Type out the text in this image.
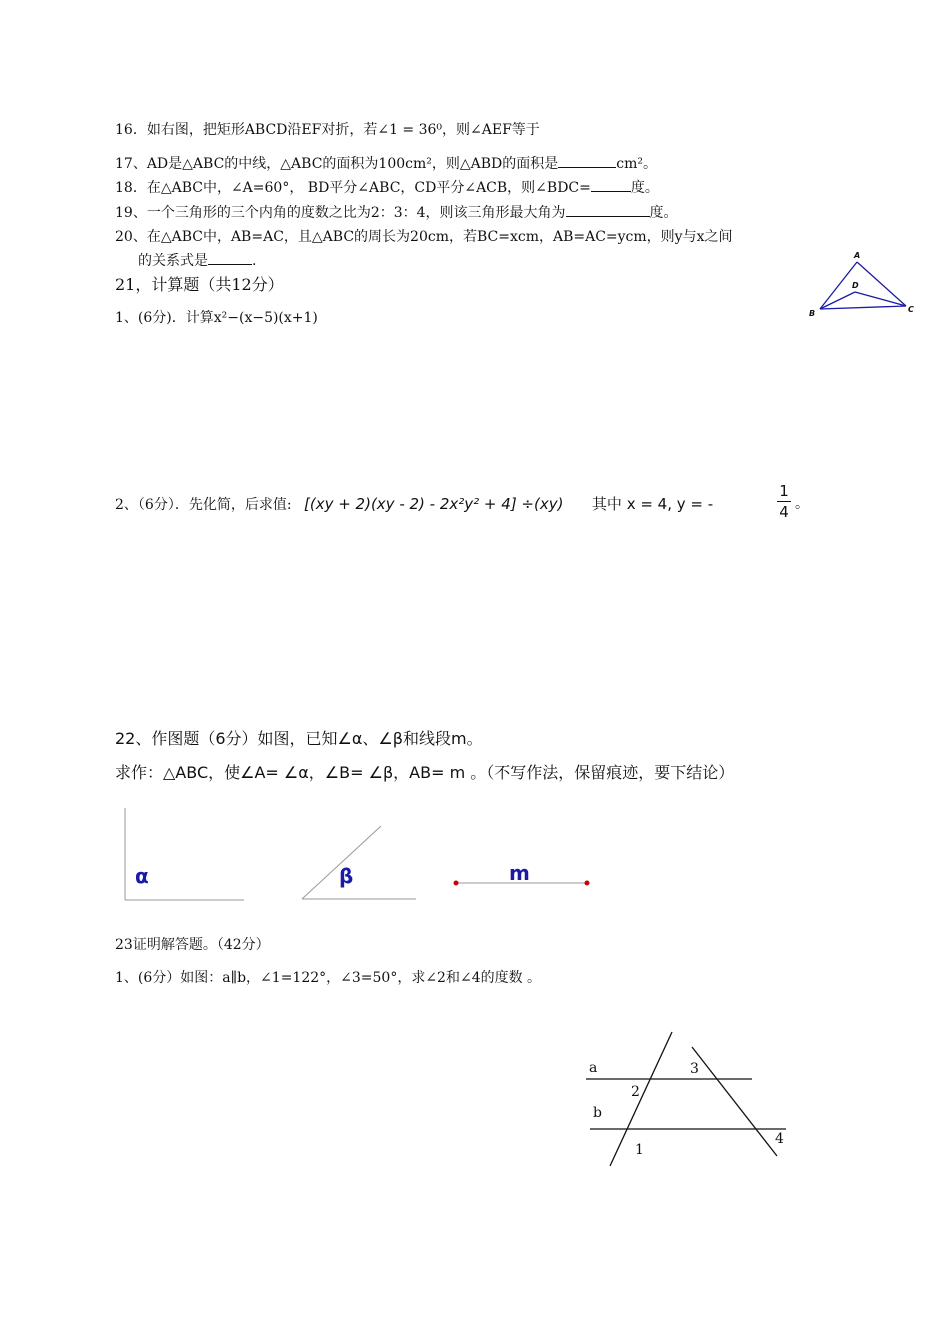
16．如右图，把矩形ABCD沿EF对折，若∠1 = 36⁰，则∠AEF等于
17、AD是△ABC的中线，△ABC的面积为100cm²，则△ABD的面积是	cm²。
18．在△ABC中，∠A=60°， BD平分∠ABC，CD平分∠ACB，则∠BDC=	度。
19、一个三角形的三个内角的度数之比为2：3：4，则该三角形最大角为	度。
20、在△ABC中，AB=AC，且△ABC的周长为20cm，若BC=xcm，AB=AC=ycm，则y与x之间
的关系式是	.	A
B	C
D
21，计算题（共12分）
1、(6分)．计算x²−(x−5)(x+1)
2、（6分）．先化简，后求值: [(xy + 2)(xy - 2) - 2x²y² + 4] ÷(xy) 其中 x = 4, y = -
1
4 。
22、作图题（6分）如图，已知∠α、∠β和线段m。
求作：△ABC，使∠A= ∠α，∠B= ∠β，AB= m 。（不写作法，保留痕迹，要下结论）
α	β	m
23证明解答题。（42分）
1、(6分）如图：a∥b，∠1=122°，∠3=50°，求∠2和∠4的度数 。
a
b
1
2
3
4
